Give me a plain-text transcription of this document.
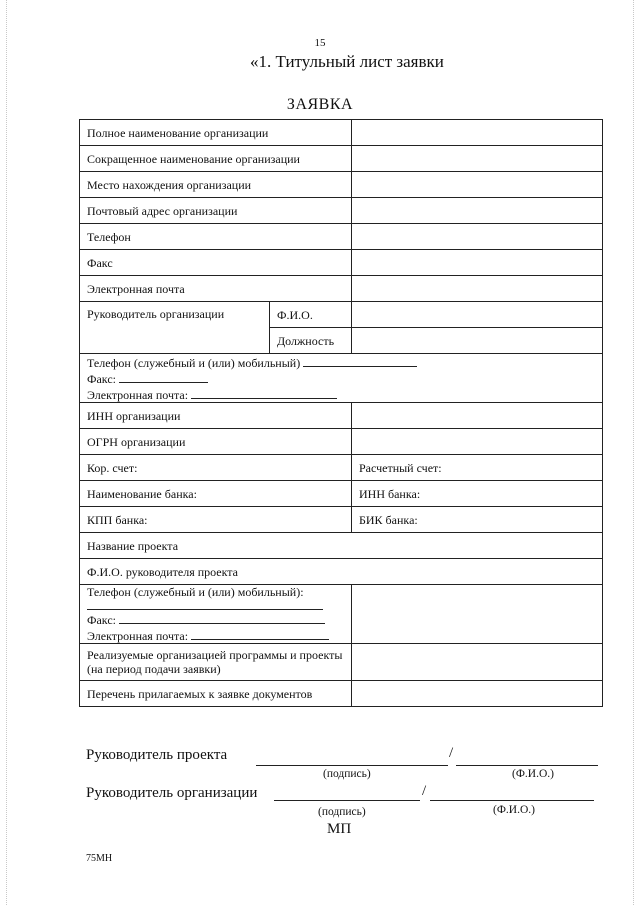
15
«1. Титульный лист заявки
ЗАЯВКА
Полное наименование организации		
Сокращенное наименование организации		
Место нахождения организации		
Почтовый адрес организации		
Телефон		
Факс		
Электронная почта		
Руководитель организации	Ф.И.О.	
	Должность	

Телефон (служебный и (или) мобильный)
Факс:
Электронная почта:		

ИНН организации		
ОГРН организации		
Кор. счет:		Расчетный счет:
Наименование банка:		ИНН банка:
КПП банка:		БИК банка:
Название проекта		
Ф.И.О. руководителя проекта		

Телефон (служебный и (или) мобильный):
Факс:
Электронная почта:		

Реализуемые организацией программы и проекты (на период подачи заявки)		
Перечень прилагаемых к заявке документов		
Руководитель проекта	/
(подпись)	(Ф.И.О.)
Руководитель организации	/
(подпись)	(Ф.И.О.)
МП
75МН
